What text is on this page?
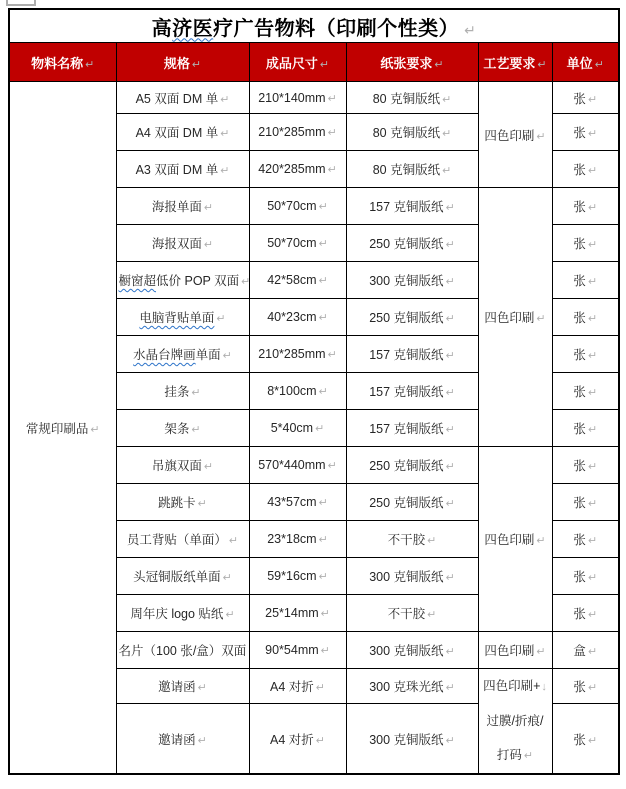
高济医疗广告物料（印刷个性类） ↵
物料名称 ↵	规格 ↵	成品尺寸 ↵	纸张要求 ↵	工艺要求 ↵	单位 ↵
常规印刷品 ↵	A5 双面 DM 单 ↵	210*140mm ↵	80 克铜版纸 ↵	四色印刷 ↵	张 ↵
	A4 双面 DM 单 ↵	210*285mm ↵	80 克铜版纸 ↵		张 ↵
	A3 双面 DM 单 ↵	420*285mm ↵	80 克铜版纸 ↵		张 ↵
	海报单面 ↵	50*70cm ↵	157 克铜版纸 ↵	四色印刷 ↵	张 ↵
	海报双面 ↵	50*70cm ↵	250 克铜版纸 ↵		张 ↵
	橱窗超低价 POP 双面 ↵	42*58cm ↵	300 克铜版纸 ↵		张 ↵
	电脑背贴单面 ↵	40*23cm ↵	250 克铜版纸 ↵		张 ↵
	水晶台牌画单面 ↵	210*285mm ↵	157 克铜版纸 ↵		张 ↵
	挂条 ↵	8*100cm ↵	157 克铜版纸 ↵		张 ↵
	架条 ↵	5*40cm ↵	157 克铜版纸 ↵		张 ↵
	吊旗双面 ↵	570*440mm ↵	250 克铜版纸 ↵	四色印刷 ↵	张 ↵
	跳跳卡 ↵	43*57cm ↵	250 克铜版纸 ↵		张 ↵
	员工背贴（单面） ↵	23*18cm ↵	不干胶 ↵		张 ↵
	头冠铜版纸单面 ↵	59*16cm ↵	300 克铜版纸 ↵		张 ↵
	周年庆 logo 贴纸 ↵	25*14mm ↵	不干胶 ↵		张 ↵
	名片（100 张/盒）双面 ↵	90*54mm ↵	300 克铜版纸 ↵	四色印刷 ↵	盒 ↵
	邀请函 ↵	A4 对折 ↵	300 克珠光纸 ↵	四色印刷+ ↓过膜/折痕/打码 ↵	张 ↵
	邀请函 ↵	A4 对折 ↵	300 克铜版纸 ↵		张 ↵
